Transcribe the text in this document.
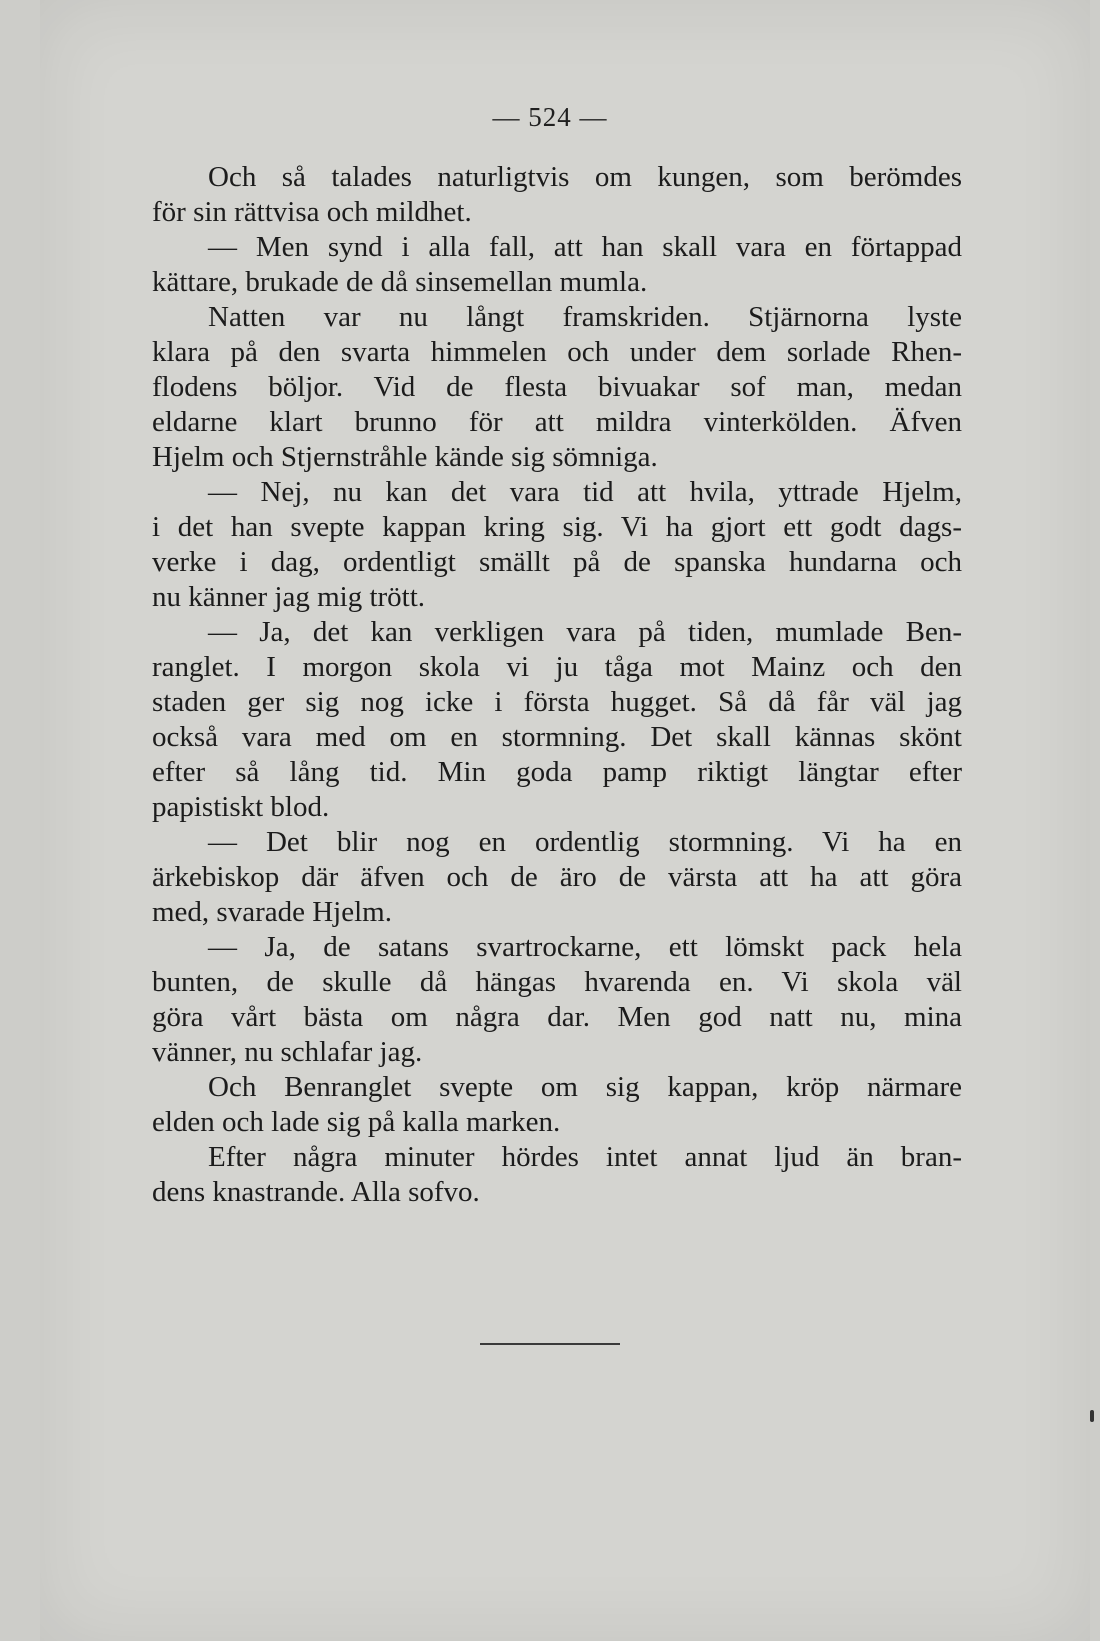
— 524 —
Och så talades naturligtvis om kungen, som berömdes
för sin rättvisa och mildhet.
— Men synd i alla fall, att han skall vara en förtappad
kättare, brukade de då sinsemellan mumla.
Natten var nu långt framskriden. Stjärnorna lyste
klara på den svarta himmelen och under dem sorlade Rhen-
flodens böljor. Vid de flesta bivuakar sof man, medan
eldarne klart brunno för att mildra vinterkölden. Äfven
Hjelm och Stjernstråhle kände sig sömniga.
— Nej, nu kan det vara tid att hvila, yttrade Hjelm,
i det han svepte kappan kring sig. Vi ha gjort ett godt dags-
verke i dag, ordentligt smällt på de spanska hundarna och
nu känner jag mig trött.
— Ja, det kan verkligen vara på tiden, mumlade Ben-
ranglet. I morgon skola vi ju tåga mot Mainz och den
staden ger sig nog icke i första hugget. Så då får väl jag
också vara med om en stormning. Det skall kännas skönt
efter så lång tid. Min goda pamp riktigt längtar efter
papistiskt blod.
— Det blir nog en ordentlig stormning. Vi ha en
ärkebiskop där äfven och de äro de värsta att ha att göra
med, svarade Hjelm.
— Ja, de satans svartrockarne, ett lömskt pack hela
bunten, de skulle då hängas hvarenda en. Vi skola väl
göra vårt bästa om några dar. Men god natt nu, mina
vänner, nu schlafar jag.
Och Benranglet svepte om sig kappan, kröp närmare
elden och lade sig på kalla marken.
Efter några minuter hördes intet annat ljud än bran-
dens knastrande. Alla sofvo.
